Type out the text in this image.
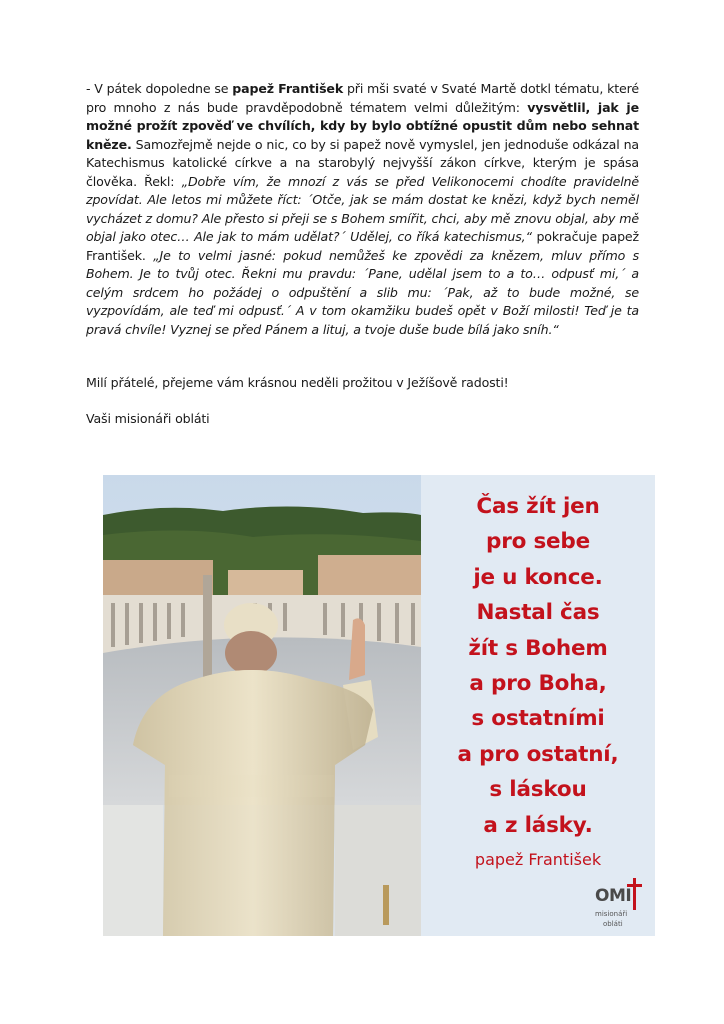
- V pátek dopoledne se papež František při mši svaté v Svaté Martě dotkl tématu, které pro mnoho z nás bude pravděpodobně tématem velmi důležitým: vysvětlil, jak je možné prožít zpověď ve chvílích, kdy by bylo obtížné opustit dům nebo sehnat kněze. Samozřejmě nejde o nic, co by si papež nově vymyslel, jen jednoduše odkázal na Katechismus katolické církve a na starobylý nejvyšší zákon církve, kterým je spása člověka. Řekl: „Dobře vím, že mnozí z vás se před Velikonocemi chodíte pravidelně zpovídat. Ale letos mi můžete říct: ´Otče, jak se mám dostat ke knězi, když bych neměl vycházet z domu? Ale přesto si přeji se s Bohem smířit, chci, aby mě znovu objal, aby mě objal jako otec… Ale jak to mám udělat?´ Udělej, co říká katechismus,“ pokračuje papež František. „Je to velmi jasné: pokud nemůžeš ke zpovědi za knězem, mluv přímo s Bohem. Je to tvůj otec. Řekni mu pravdu: ´Pane, udělal jsem to a to… odpusť mi,´ a celým srdcem ho požádej o odpuštění a slib mu: ´Pak, až to bude možné, se vyzpovídám, ale teď mi odpusť.´ A v tom okamžiku budeš opět v Boží milosti! Teď je ta pravá chvíle! Vyznej se před Pánem a lituj, a tvoje duše bude bílá jako sníh.“

Milí přátelé, přejeme vám krásnou neděli prožitou v Ježíšově radosti!

Vaši misionáři obláti

Čas žít jen
pro sebe
je u konce.
Nastal čas
žít s Bohem
a pro Boha,
s ostatními
a pro ostatní,
s láskou
a z lásky.
papež František
OMI
misionáři
obláti
